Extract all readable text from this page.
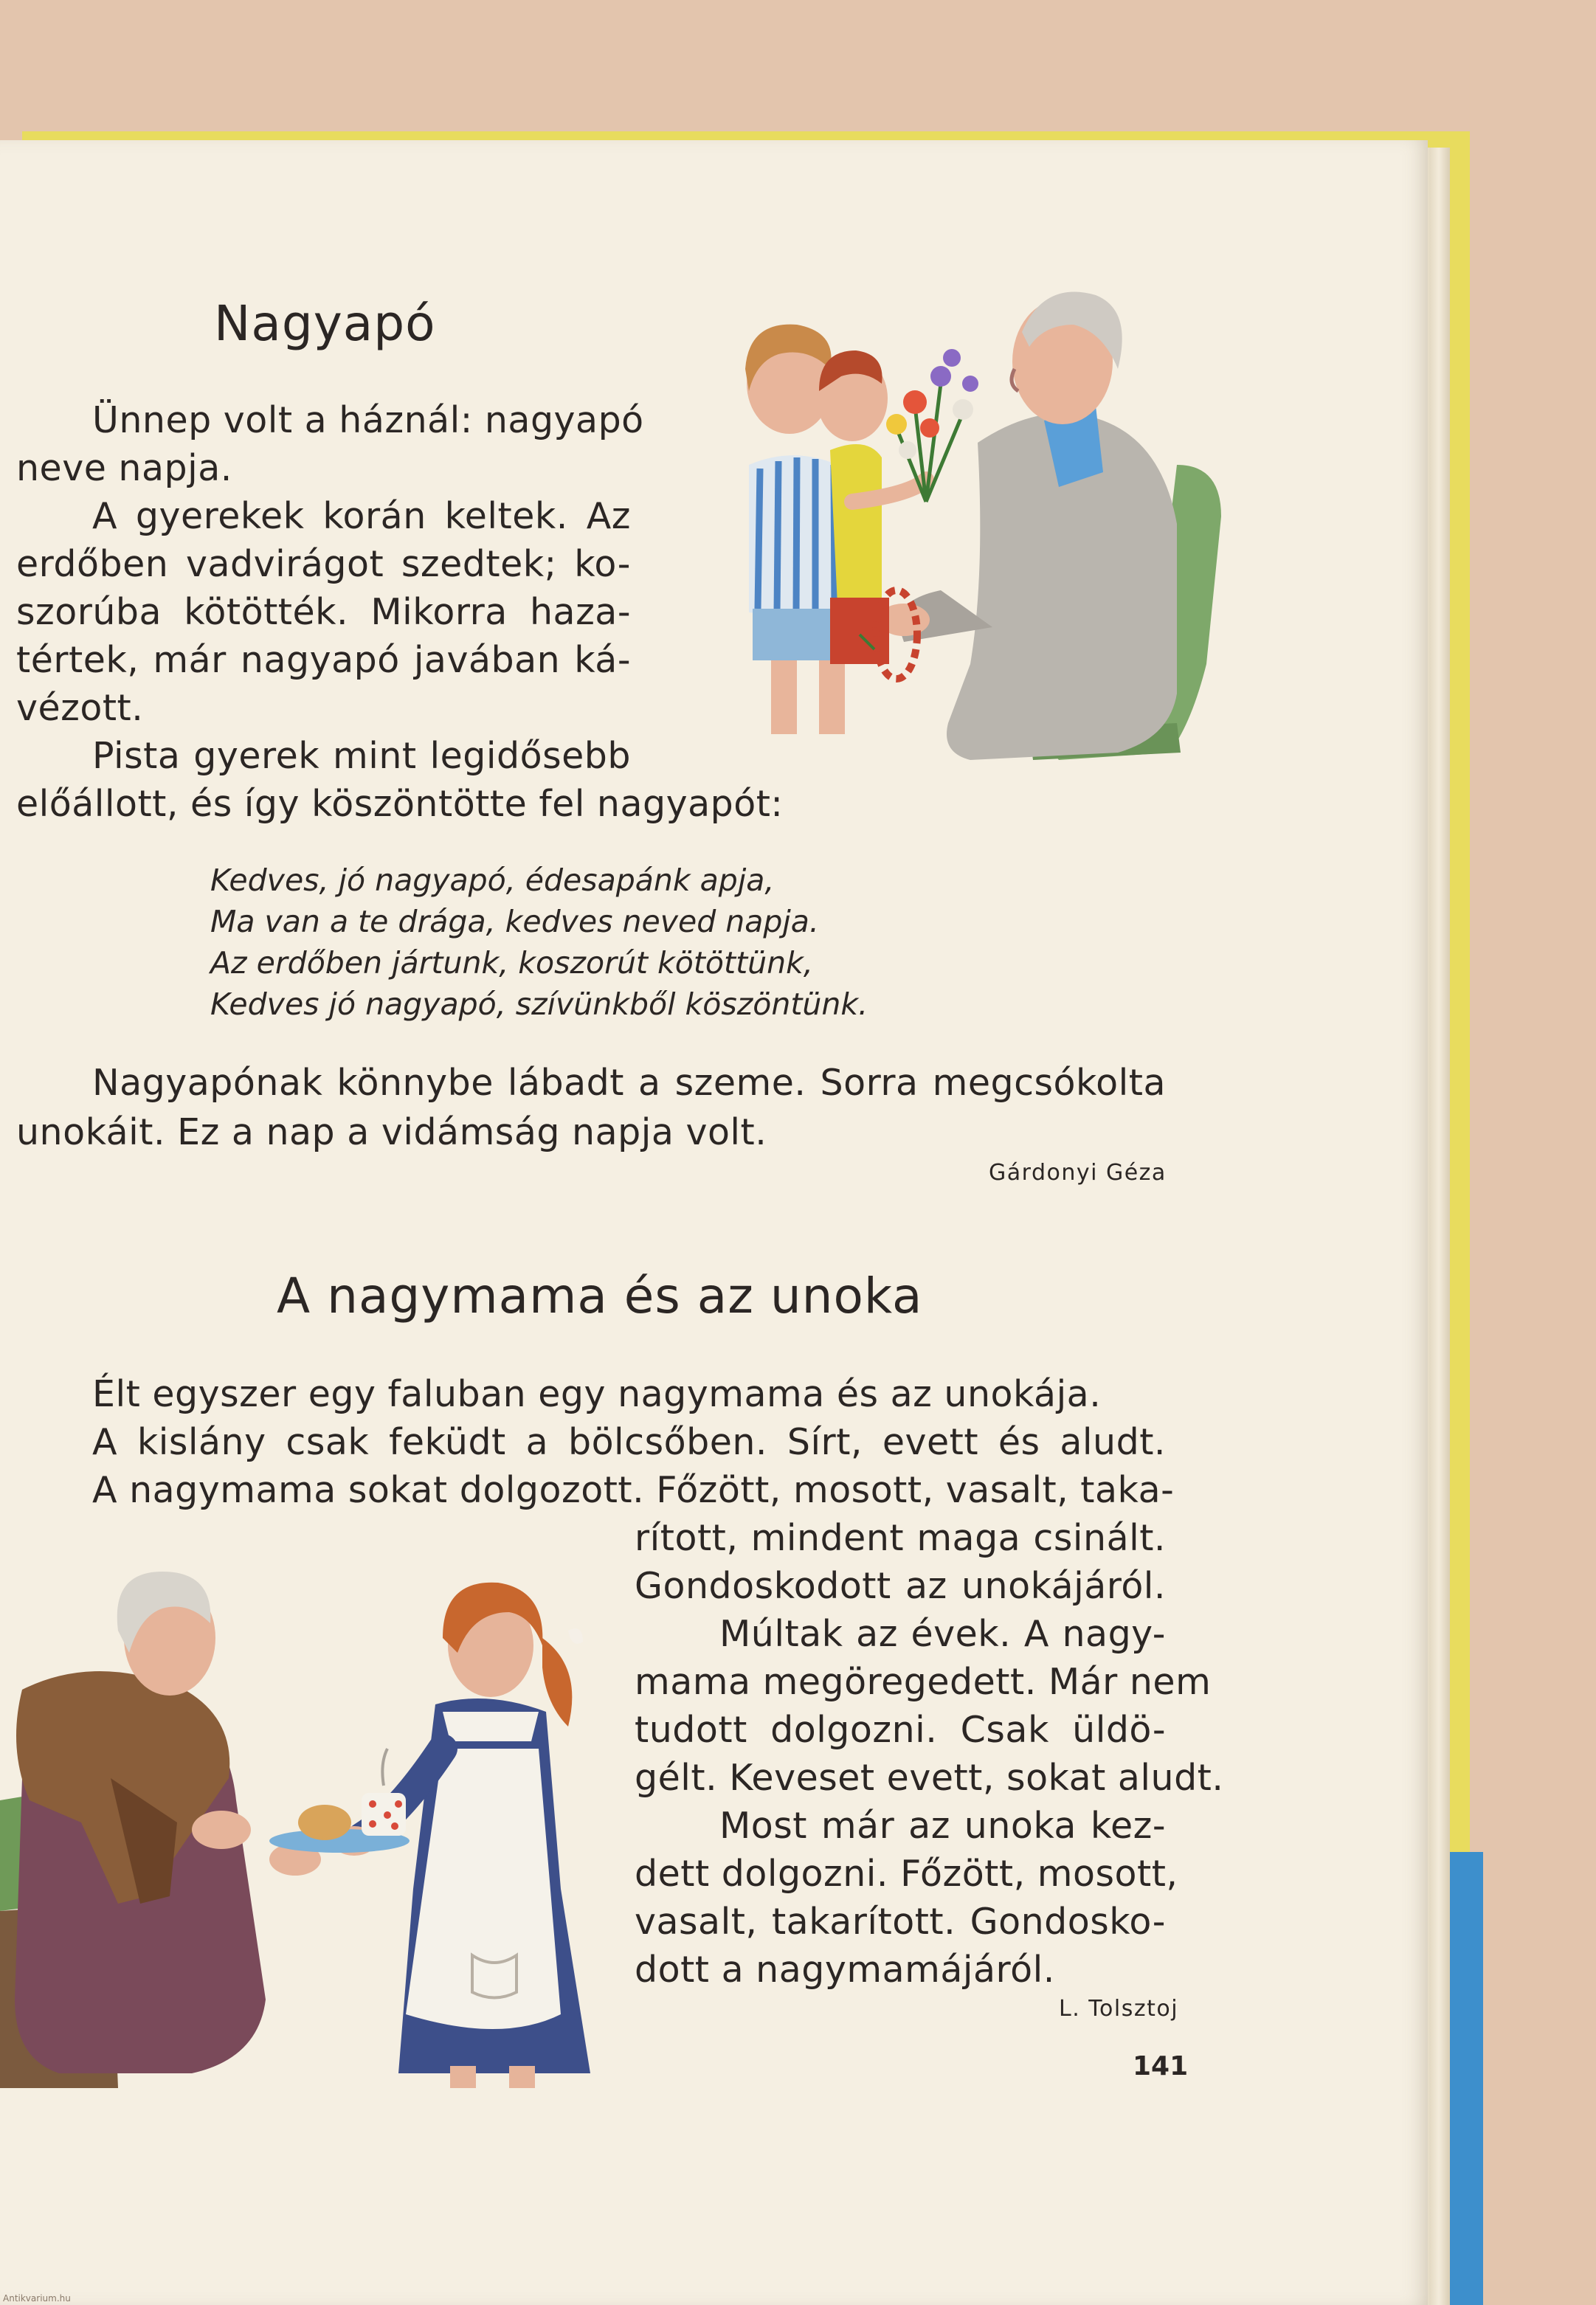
Nagyapó
Ünnep volt a háznál: nagyapó
neve napja.
A gyerekek korán keltek. Az
erdőben vadvirágot szedtek; ko-
szorúba kötötték. Mikorra haza-
tértek, már nagyapó javában ká-
vézott.
Pista gyerek mint legidősebb
előállott, és így köszöntötte fel nagyapót:
Kedves, jó nagyapó, édesapánk apja,
Ma van a te drága, kedves neved napja.
Az erdőben jártunk, koszorút kötöttünk,
Kedves jó nagyapó, szívünkből köszöntünk.
Nagyapónak könnybe lábadt a szeme. Sorra megcsókolta
unokáit. Ez a nap a vidámság napja volt.
Gárdonyi Géza
A nagymama és az unoka
Élt egyszer egy faluban egy nagymama és az unokája.
A kislány csak feküdt a bölcsőben. Sírt, evett és aludt.
A nagymama sokat dolgozott. Főzött, mosott, vasalt, taka-
rított, mindent maga csinált.
Gondoskodott az unokájáról.
Múltak az évek. A nagy-
mama megöregedett. Már nem
tudott dolgozni. Csak üldö-
gélt. Keveset evett, sokat aludt.
Most már az unoka kez-
dett dolgozni. Főzött, mosott,
vasalt, takarított. Gondosko-
dott a nagymamájáról.
L. Tolsztoj
141
Antikvarium.hu
